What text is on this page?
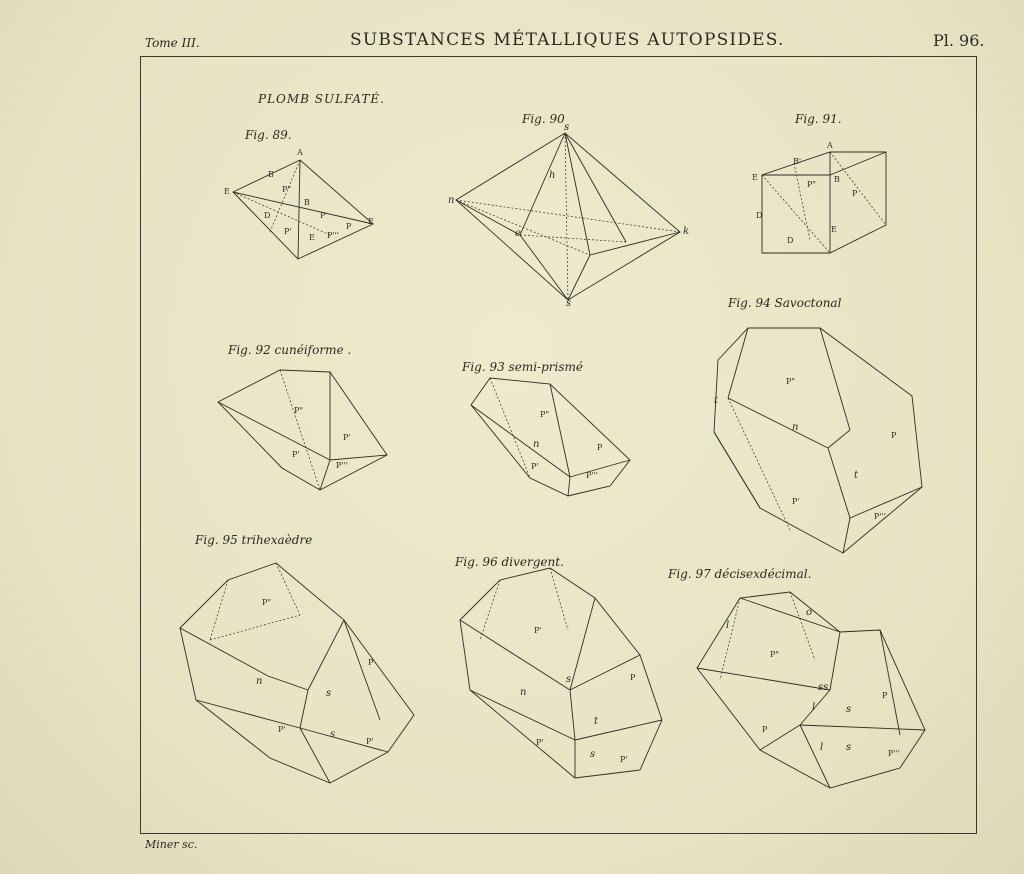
Tome III.	SUBSTANCES MÉTALLIQUES AUTOPSIDES.	Pl. 96.
PLOMB SULFATÉ.
Fig. 89.
Fig. 90	Fig. 91.
Fig. 92 cunéiforme .
Fig. 93 semi-prismé
Fig. 94 Savoctonal
Fig. 95 trihexaèdre
Fig. 96 divergent.
Fig. 97 décisexdécimal.
Miner sc.
A
E
B
P"
B
P
D
P'
E P'''
P
E
n
h
e	k
s
s
A
E
B'
P"
B
P
D
D
E
P"
P'
P'
P'''
P"
P
n
P'
P'''
P"
n
P
t
P'
P'''
t
P"
n
P
s
P'	s
P'
P'
n
s	P
t
P'
s	P'
o
l
P"
ss
l	s
P
P
l s
P'''
